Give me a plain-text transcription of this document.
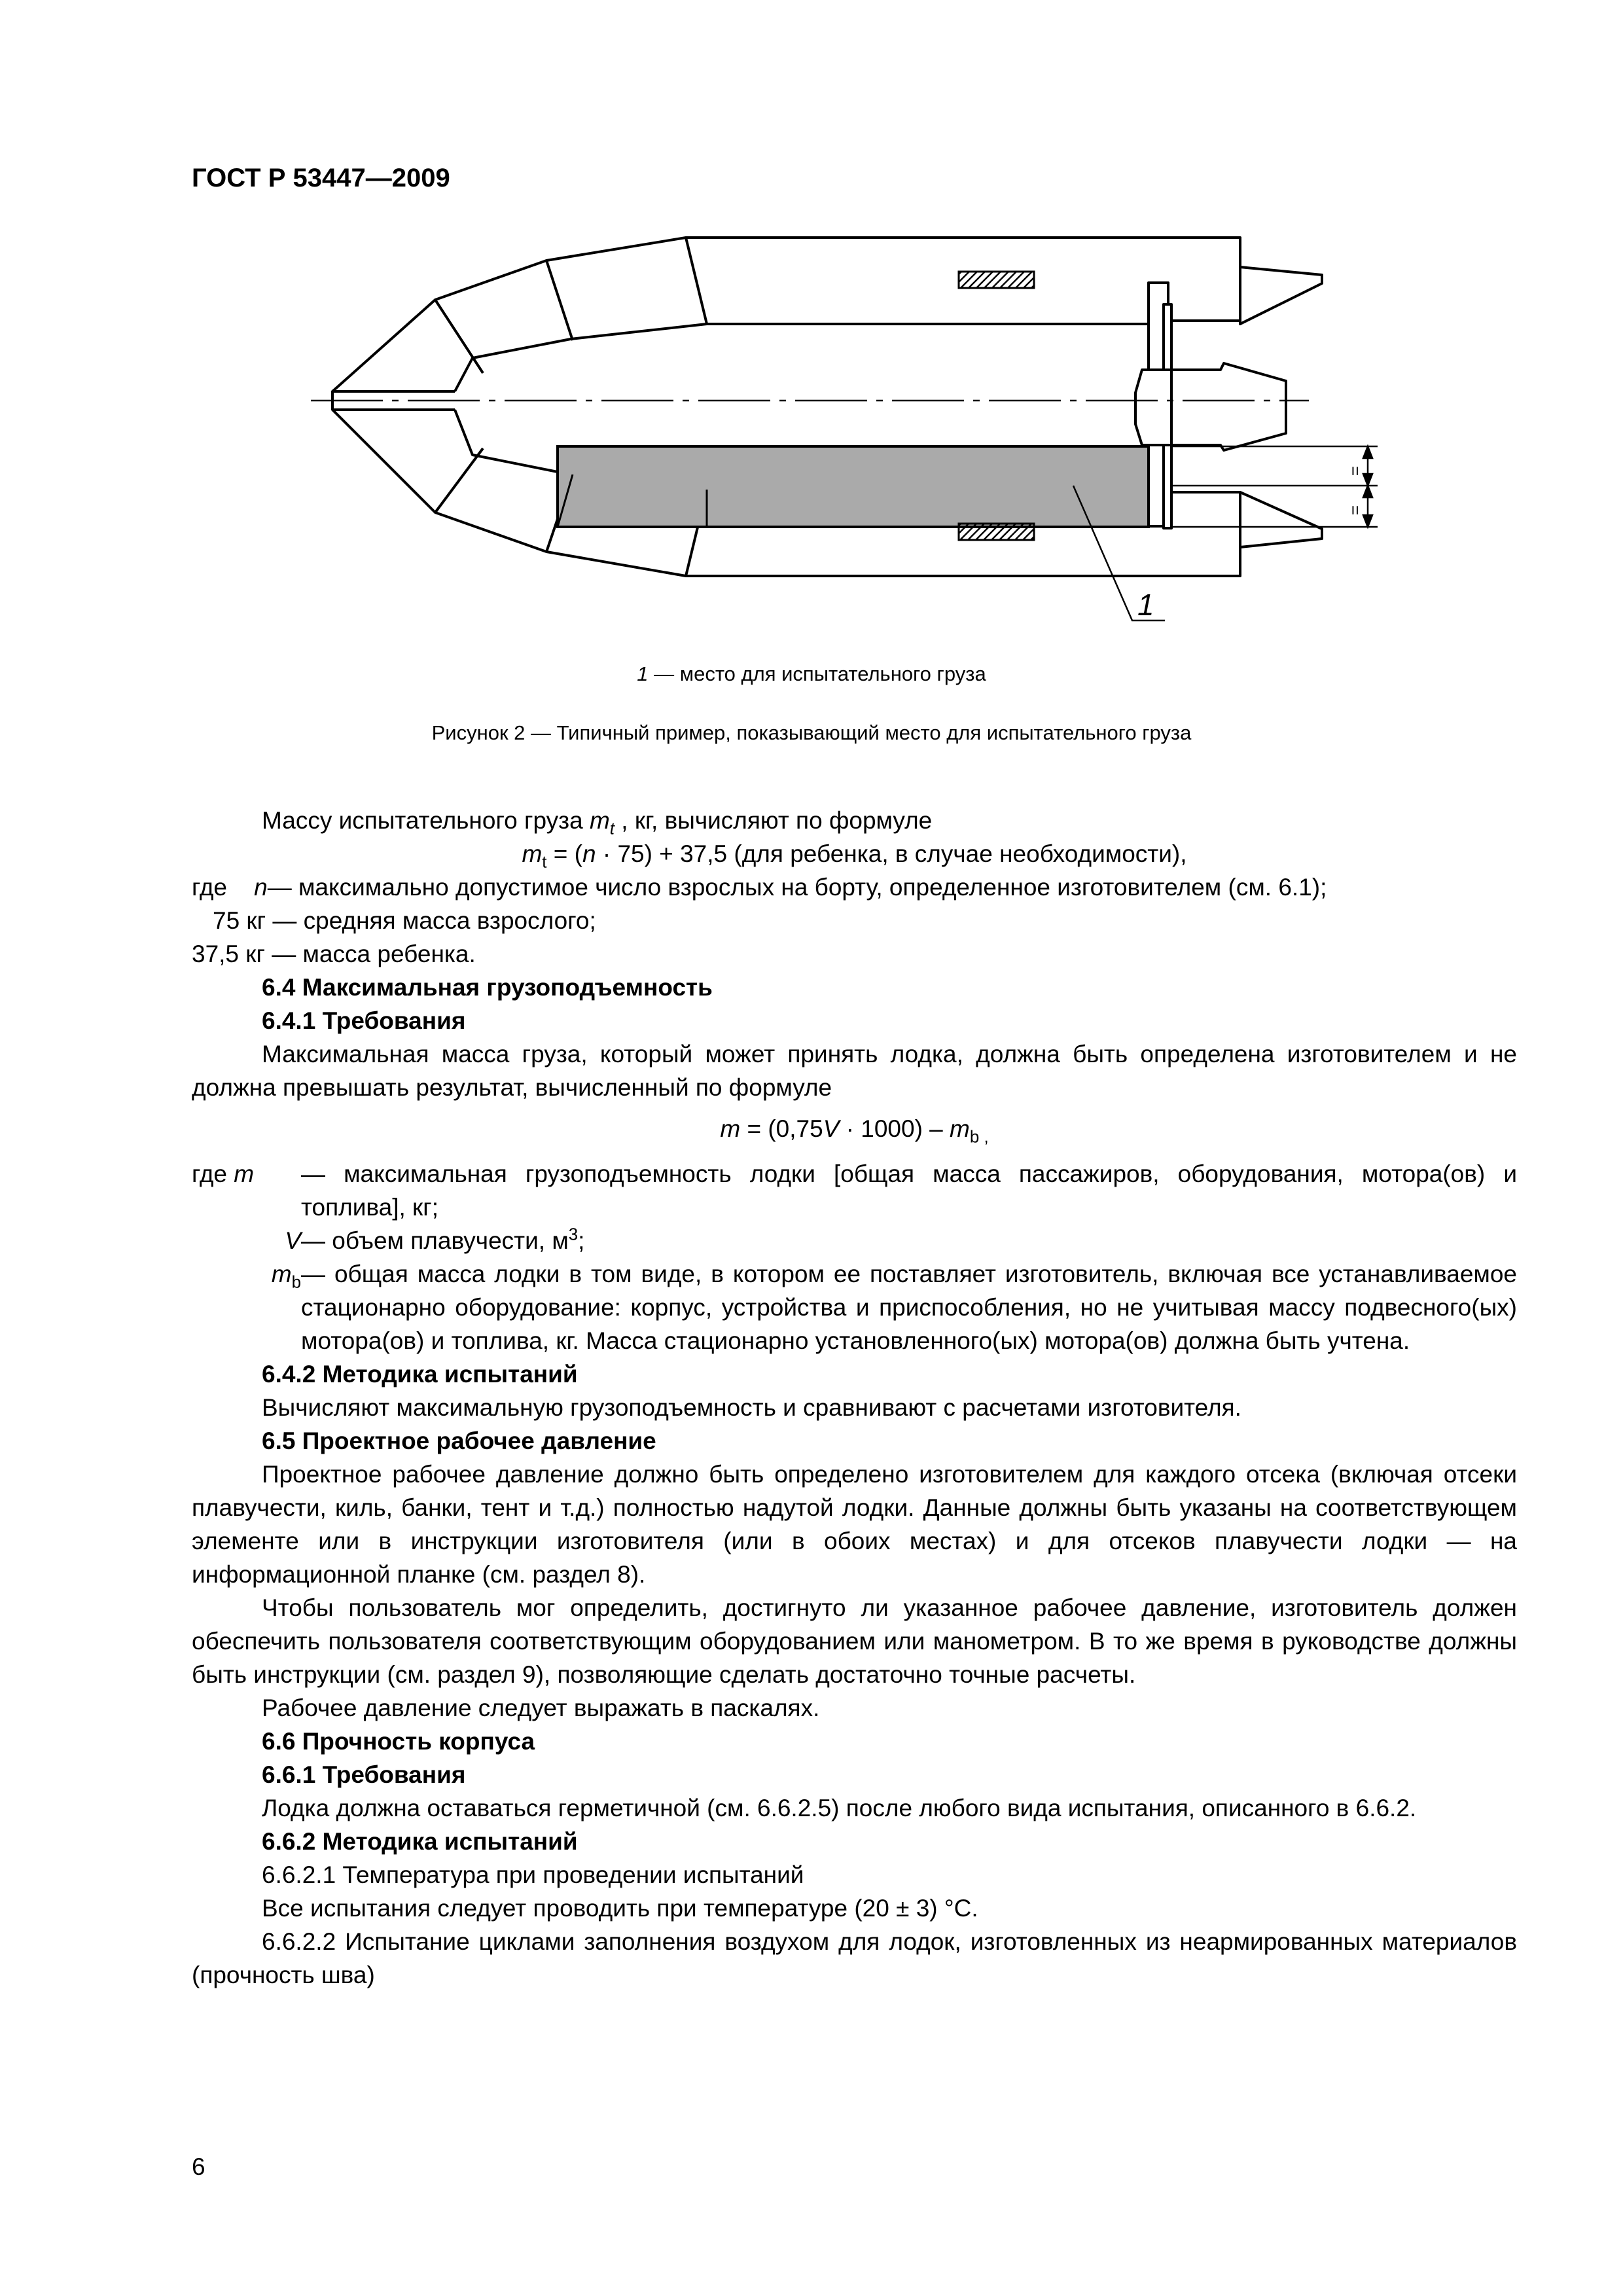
ГОСТ Р 53447—2009
=
=
1
1 — место для испытательного груза
Рисунок 2 — Типичный пример, показывающий место для испытательного груза

Массу испытательного груза $m_t$ , кг, вычисляют по формуле

$m_t = (n \cdot 75) + 37,5$ (для ребенка, в случае необходимости),

где n — максимально допустимое число взрослых на борту, определенное изготовителем (см. 6.1);

75 кг — средняя масса взрослого;

37,5 кг — масса ребенка.

6.4 Максимальная грузоподъемность

6.4.1 Требования

Максимальная масса груза, который может принять лодка, должна быть определена изготовителем и не должна превышать результат, вычисленный по формуле

$m = (0,75V \cdot 1000) - m_b$ $_,$

где m	— максимальная грузоподъемность лодки [общая масса пассажиров, оборудования, мотора(ов) и топлива], кг;
V — объем плавучести, $м^3$;
$m_b$ — общая масса лодки в том виде, в котором ее поставляет изготовитель, включая все устанавливаемое стационарно оборудование: корпус, устройства и приспособления, но не учитывая массу подвесного(ых) мотора(ов) и топлива, кг. Масса стационарно установленного(ых) мотора(ов) должна быть учтена.

6.4.2 Методика испытаний

Вычисляют максимальную грузоподъемность и сравнивают с расчетами изготовителя.

6.5 Проектное рабочее давление

Проектное рабочее давление должно быть определено изготовителем для каждого отсека (включая отсеки плавучести, киль, банки, тент и т.д.) полностью надутой лодки. Данные должны быть указаны на соответствующем элементе или в инструкции изготовителя (или в обоих местах) и для отсеков плавучести лодки — на информационной планке (см. раздел 8).

Чтобы пользователь мог определить, достигнуто ли указанное рабочее давление, изготовитель должен обеспечить пользователя соответствующим оборудованием или манометром. В то же время в руководстве должны быть инструкции (см. раздел 9), позволяющие сделать достаточно точные расчеты.

Рабочее давление следует выражать в паскалях.

6.6 Прочность корпуса

6.6.1 Требования

Лодка должна оставаться герметичной (см. 6.6.2.5) после любого вида испытания, описанного в 6.6.2.

6.6.2 Методика испытаний

6.6.2.1 Температура при проведении испытаний

Все испытания следует проводить при температуре (20 ± 3) °С.

6.6.2.2 Испытание циклами заполнения воздухом для лодок, изготовленных из неармированных материалов (прочность шва)

6
